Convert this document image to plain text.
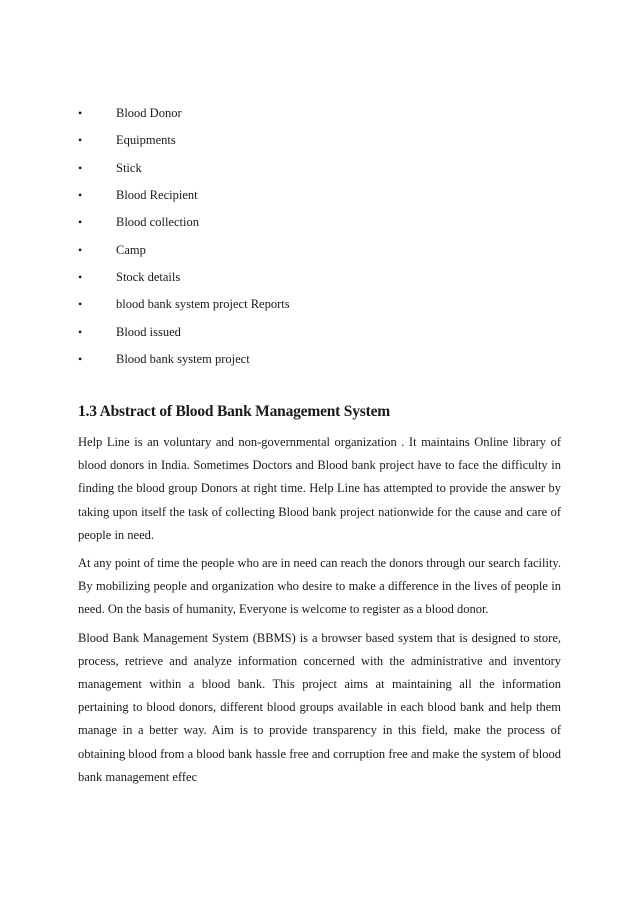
•	Blood Donor
•	Equipments
•	Stick
•	Blood Recipient
•	Blood collection
•	Camp
•	Stock details
•	blood bank system project Reports
•	Blood issued
•	Blood bank system project
1.3 Abstract of Blood Bank Management System

Help Line is an voluntary and non-governmental organization . It maintains Online library of blood donors in India. Sometimes Doctors and Blood bank project have to face the difficulty in finding the blood group Donors at right time. Help Line has attempted to provide the answer by taking upon itself the task of collecting Blood bank project nationwide for the cause and care of people in need.

At any point of time the people who are in need can reach the donors through our search facility. By mobilizing people and organization who desire to make a difference in the lives of people in need. On the basis of humanity, Everyone is welcome to register as a blood donor.

Blood Bank Management System (BBMS) is a browser based system that is designed to store, process, retrieve and analyze information concerned with the administrative and inventory management within a blood bank. This project aims at maintaining all the information pertaining to blood donors, different blood groups available in each blood bank and help them manage in a better way. Aim is to provide transparency in this field, make the process of obtaining blood from a blood bank hassle free and corruption free and make the system of blood bank management effec
